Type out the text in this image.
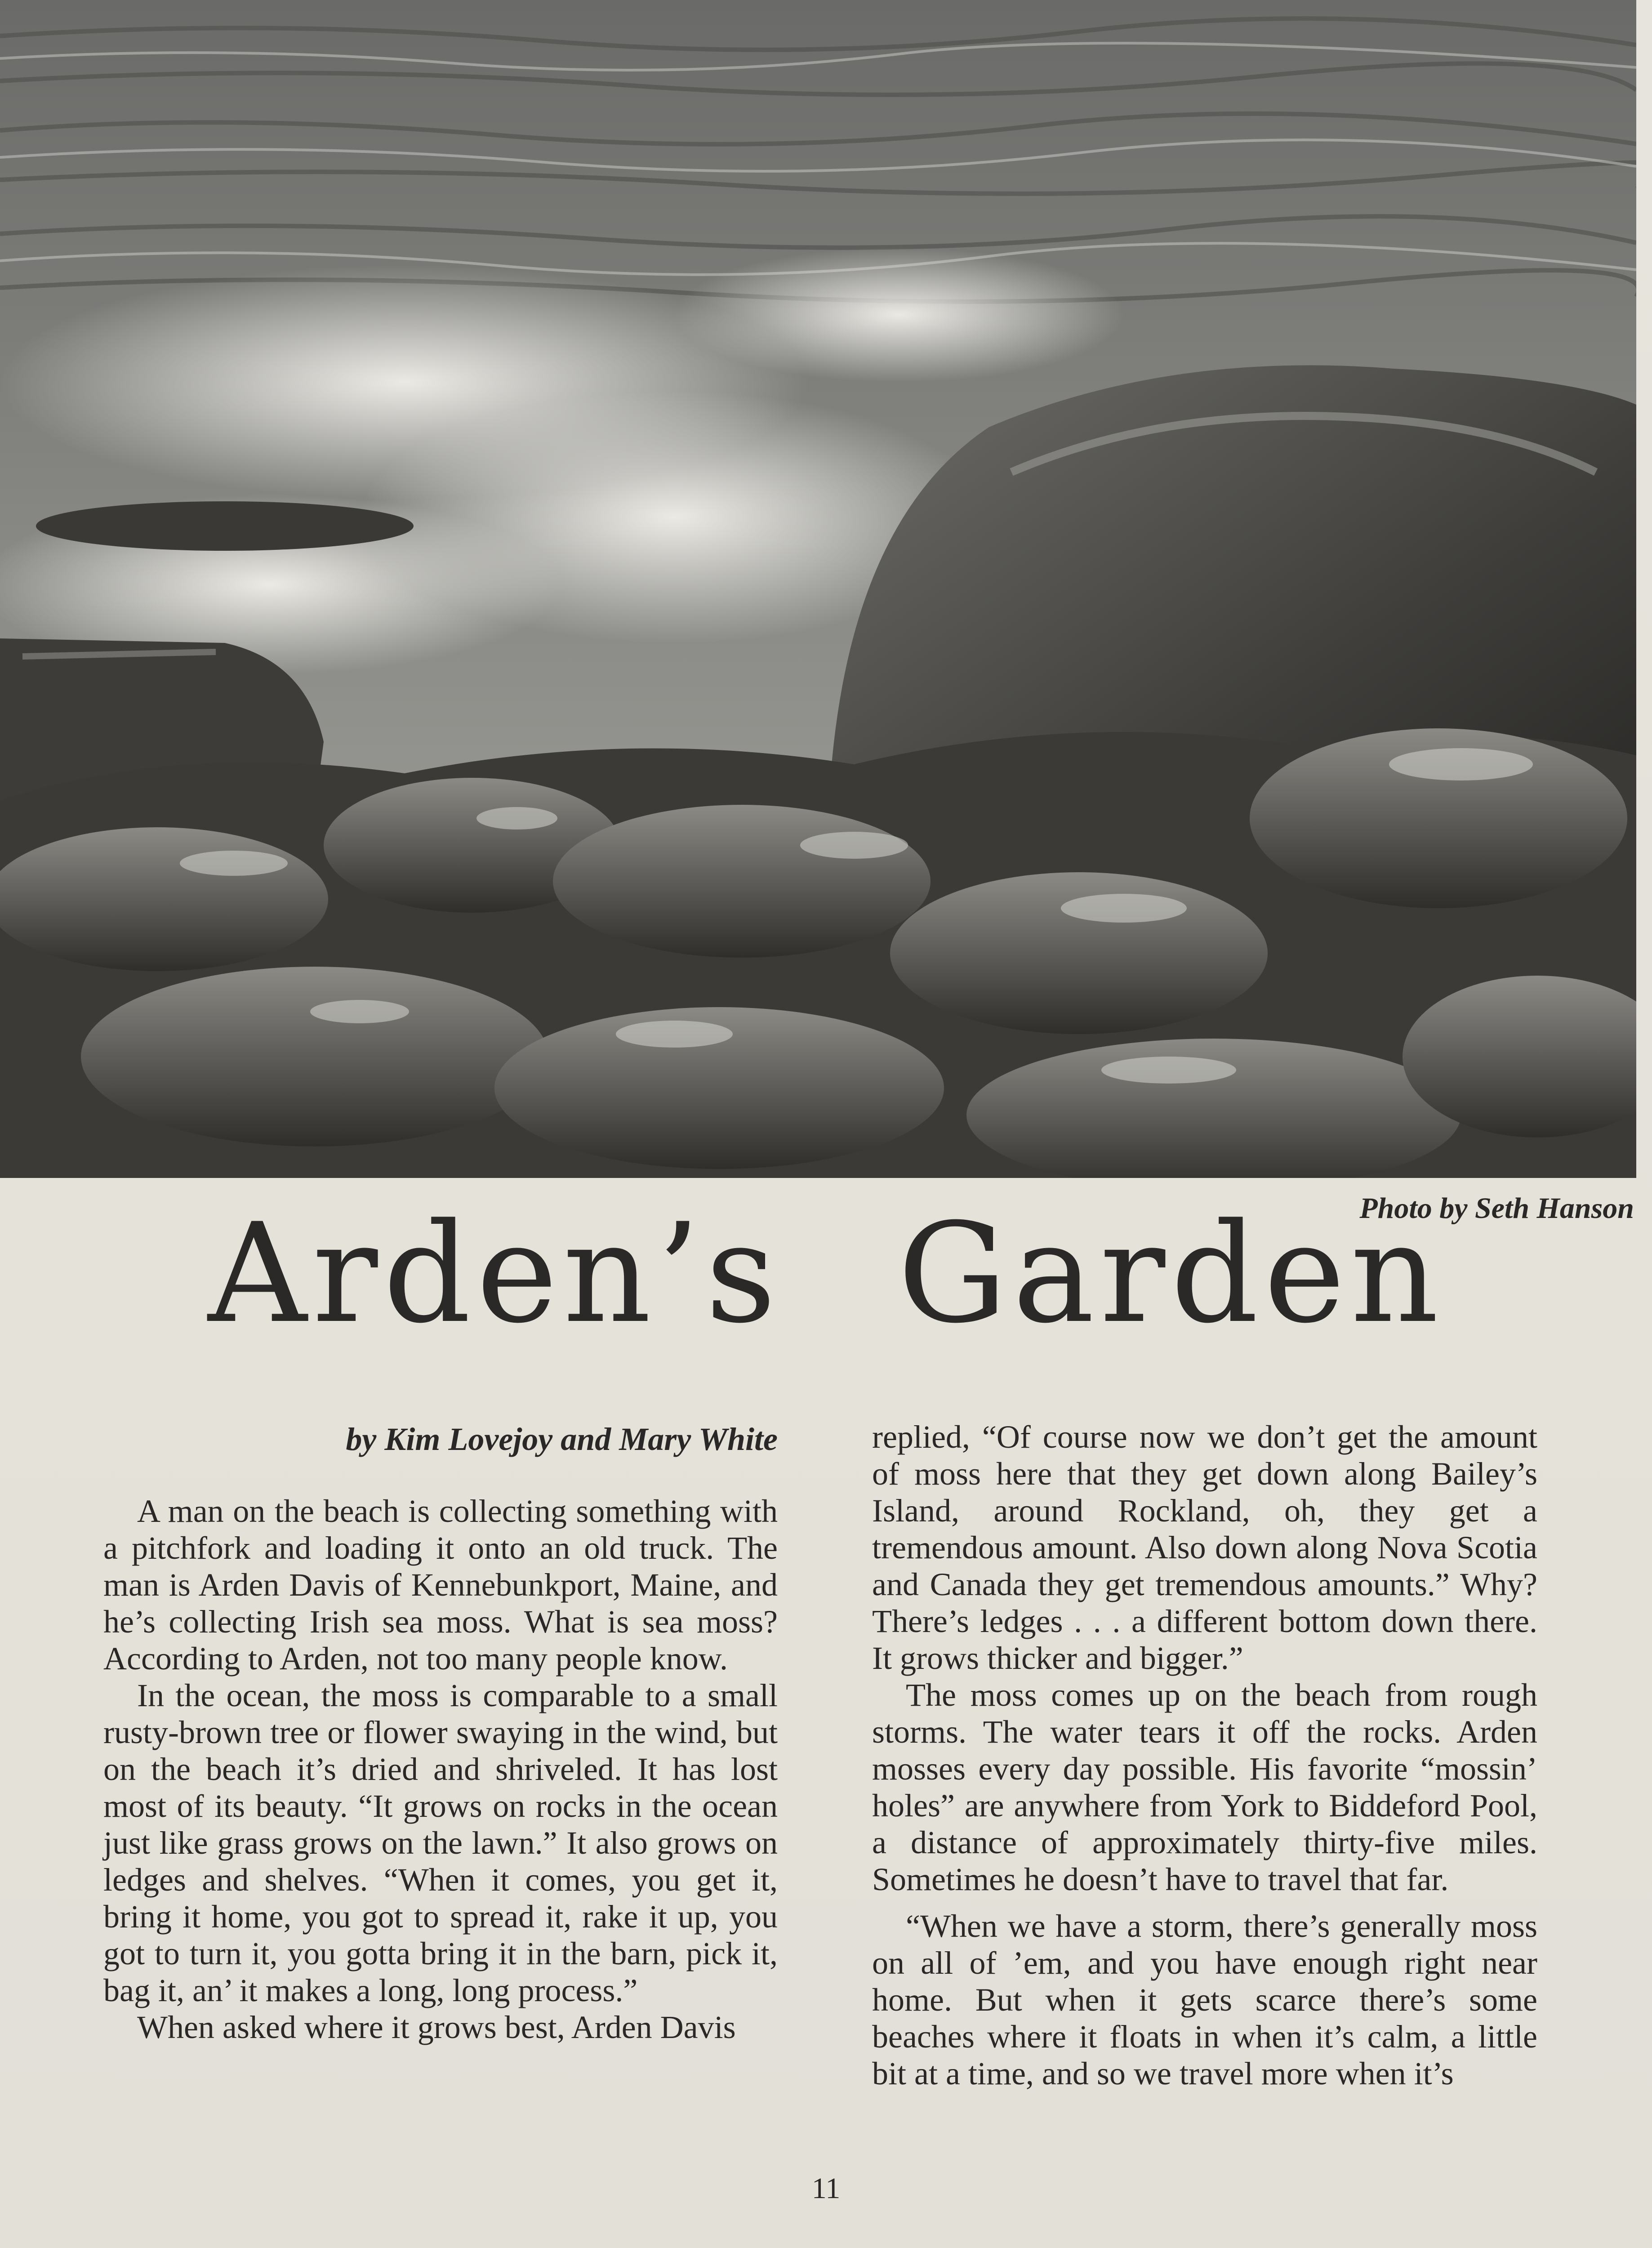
Photo by Seth Hanson
Arden’s Garden
by Kim Lovejoy and Mary White

A man on the beach is collecting something with a pitchfork and loading it onto an old truck. The man is Arden Davis of Kennebunkport, Maine, and he’s collecting Irish sea moss. What is sea moss? According to Arden, not too many people know.

In the ocean, the moss is comparable to a small rusty-brown tree or flower swaying in the wind, but on the beach it’s dried and shriveled. It has lost most of its beauty. “It grows on rocks in the ocean just like grass grows on the lawn.” It also grows on ledges and shelves. “When it comes, you get it, bring it home, you got to spread it, rake it up, you got to turn it, you gotta bring it in the barn, pick it, bag it, an’ it makes a long, long process.”

When asked where it grows best, Arden Davis

replied, “Of course now we don’t get the amount of moss here that they get down along Bailey’s Island, around Rockland, oh, they get a tremendous amount. Also down along Nova Scotia and Canada they get tremendous amounts.” Why? There’s ledges . . . a different bottom down there. It grows thicker and bigger.”

The moss comes up on the beach from rough storms. The water tears it off the rocks. Arden mosses every day possible. His favorite “mossin’ holes” are anywhere from York to Biddeford Pool, a distance of approximately thirty-five miles. Sometimes he doesn’t have to travel that far.

“When we have a storm, there’s generally moss on all of ’em, and you have enough right near home. But when it gets scarce there’s some beaches where it floats in when it’s calm, a little bit at a time, and so we travel more when it’s

11
